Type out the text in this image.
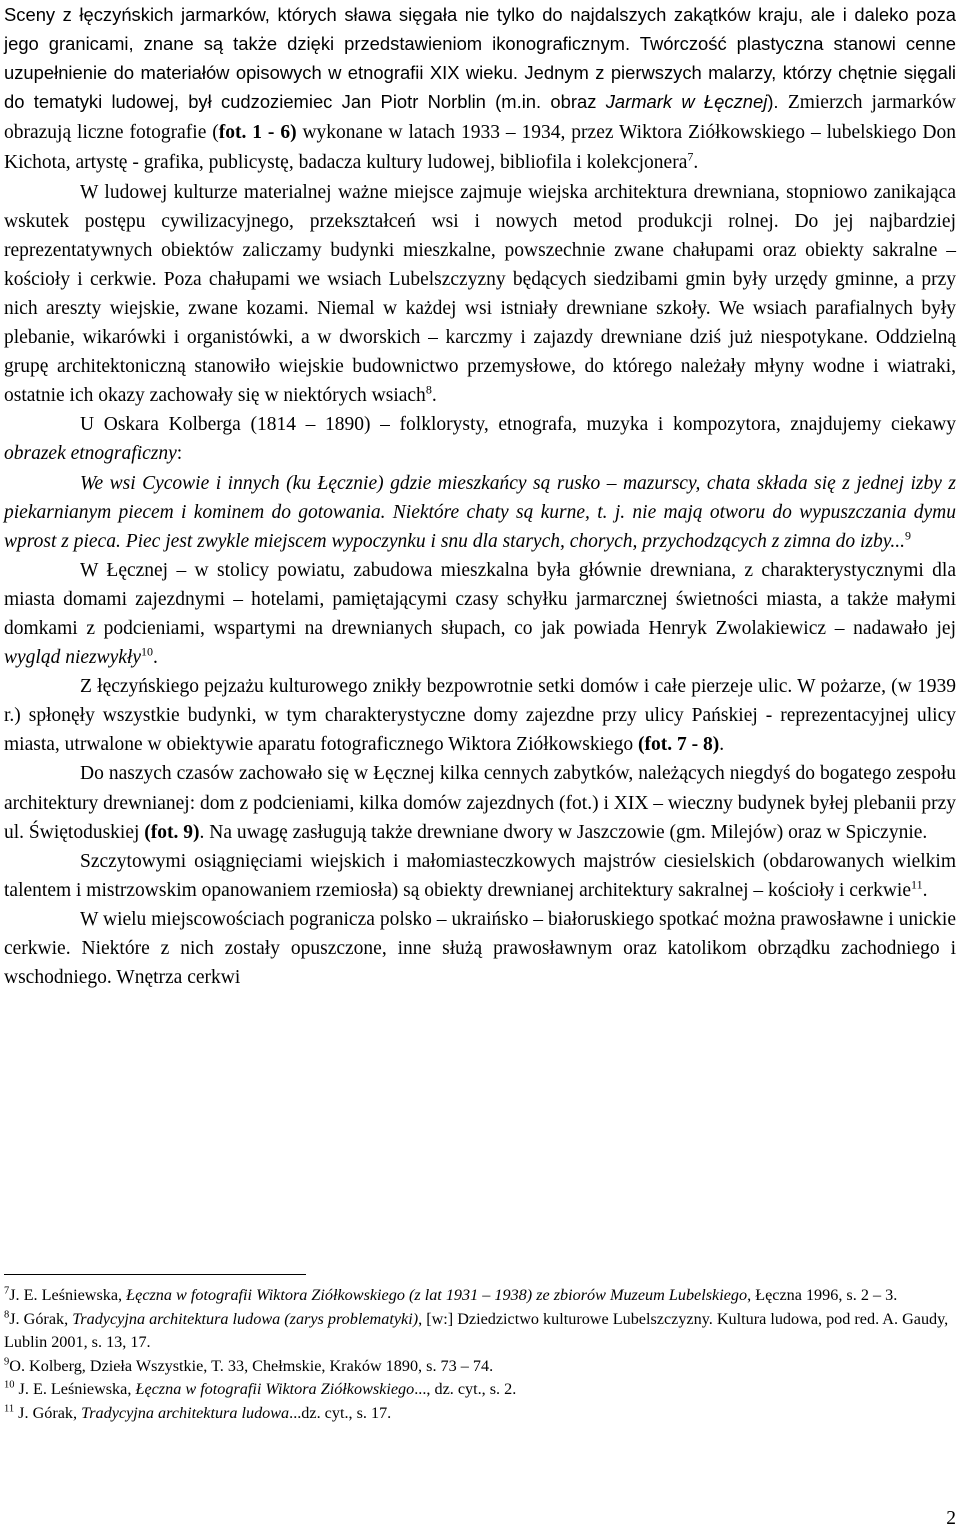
Sceny z łęczyńskich jarmarków, których sława sięgała nie tylko do najdalszych zakątków kraju, ale i daleko poza jego granicami, znane są także dzięki przedstawieniom ikonograficznym. Twórczość plastyczna stanowi cenne uzupełnienie do materiałów opisowych w etnografii XIX wieku. Jednym z pierwszych malarzy, którzy chętnie sięgali do tematyki ludowej, był cudzoziemiec Jan Piotr Norblin (m.in. obraz Jarmark w Łęcznej). Zmierzch jarmarków obrazują liczne fotografie (fot. 1 - 6) wykonane w latach 1933 – 1934, przez Wiktora Ziółkowskiego – lubelskiego Don Kichota, artystę - grafika, publicystę, badacza kultury ludowej, bibliofila i kolekcjonera$^7$.

W ludowej kulturze materialnej ważne miejsce zajmuje wiejska architektura drewniana, stopniowo zanikająca wskutek postępu cywilizacyjnego, przekształceń wsi i nowych metod produkcji rolnej. Do jej najbardziej reprezentatywnych obiektów zaliczamy budynki mieszkalne, powszechnie zwane chałupami oraz obiekty sakralne – kościoły i cerkwie. Poza chałupami we wsiach Lubelszczyzny będących siedzibami gmin były urzędy gminne, a przy nich areszty wiejskie, zwane kozami. Niemal w każdej wsi istniały drewniane szkoły. We wsiach parafialnych były plebanie, wikarówki i organistówki, a w dworskich – karczmy i zajazdy drewniane dziś już niespotykane. Oddzielną grupę architektoniczną stanowiło wiejskie budownictwo przemysłowe, do którego należały młyny wodne i wiatraki, ostatnie ich okazy zachowały się w niektórych wsiach$^8$.

U Oskara Kolberga (1814 – 1890) – folklorysty, etnografa, muzyka i kompozytora, znajdujemy ciekawy obrazek etnograficzny:

We wsi Cycowie i innych (ku Łęcznie) gdzie mieszkańcy są rusko – mazurscy, chata składa się z jednej izby z piekarnianym piecem i kominem do gotowania. Niektóre chaty są kurne, t. j. nie mają otworu do wypuszczania dymu wprost z pieca. Piec jest zwykle miejscem wypoczynku i snu dla starych, chorych, przychodzących z zimna do izby...$^9$

W Łęcznej – w stolicy powiatu, zabudowa mieszkalna była głównie drewniana, z charakterystycznymi dla miasta domami zajezdnymi – hotelami, pamiętającymi czasy schyłku jarmarcznej świetności miasta, a także małymi domkami z podcieniami, wspartymi na drewnianych słupach, co jak powiada Henryk Zwolakiewicz – nadawało jej wygląd niezwykły$^{10}$.

Z łęczyńskiego pejzażu kulturowego znikły bezpowrotnie setki domów i całe pierzeje ulic. W pożarze, (w 1939 r.) spłonęły wszystkie budynki, w tym charakterystyczne domy zajezdne przy ulicy Pańskiej - reprezentacyjnej ulicy miasta, utrwalone w obiektywie aparatu fotograficznego Wiktora Ziółkowskiego (fot. 7 - 8).

Do naszych czasów zachowało się w Łęcznej kilka cennych zabytków, należących niegdyś do bogatego zespołu architektury drewnianej: dom z podcieniami, kilka domów zajezdnych (fot.) i XIX – wieczny budynek byłej plebanii przy ul. Świętoduskiej (fot. 9). Na uwagę zasługują także drewniane dwory w Jaszczowie (gm. Milejów) oraz w Spiczynie.

Szczytowymi osiągnięciami wiejskich i małomiasteczkowych majstrów ciesielskich (obdarowanych wielkim talentem i mistrzowskim opanowaniem rzemiosła) są obiekty drewnianej architektury sakralnej – kościoły i cerkwie$^{11}$.

W wielu miejscowościach pogranicza polsko – ukraińsko – białoruskiego spotkać można prawosławne i unickie cerkwie. Niektóre z nich zostały opuszczone, inne służą prawosławnym oraz katolikom obrządku zachodniego i wschodniego. Wnętrza cerkwi

$^7$J. E. Leśniewska, Łęczna w fotografii Wiktora Ziółkowskiego (z lat 1931 – 1938) ze zbiorów Muzeum Lubelskiego, Łęczna 1996, s. 2 – 3.

$^8$J. Górak, Tradycyjna architektura ludowa (zarys problematyki), [w:] Dziedzictwo kulturowe Lubelszczyzny. Kultura ludowa, pod red. A. Gaudy, Lublin 2001, s. 13, 17.

$^9$O. Kolberg, Dzieła Wszystkie, T. 33, Chełmskie, Kraków 1890, s. 73 – 74.

$^{10}$ J. E. Leśniewska, Łęczna w fotografii Wiktora Ziółkowskiego..., dz. cyt., s. 2.

$^{11}$ J. Górak, Tradycyjna architektura ludowa...dz. cyt., s. 17.

2
